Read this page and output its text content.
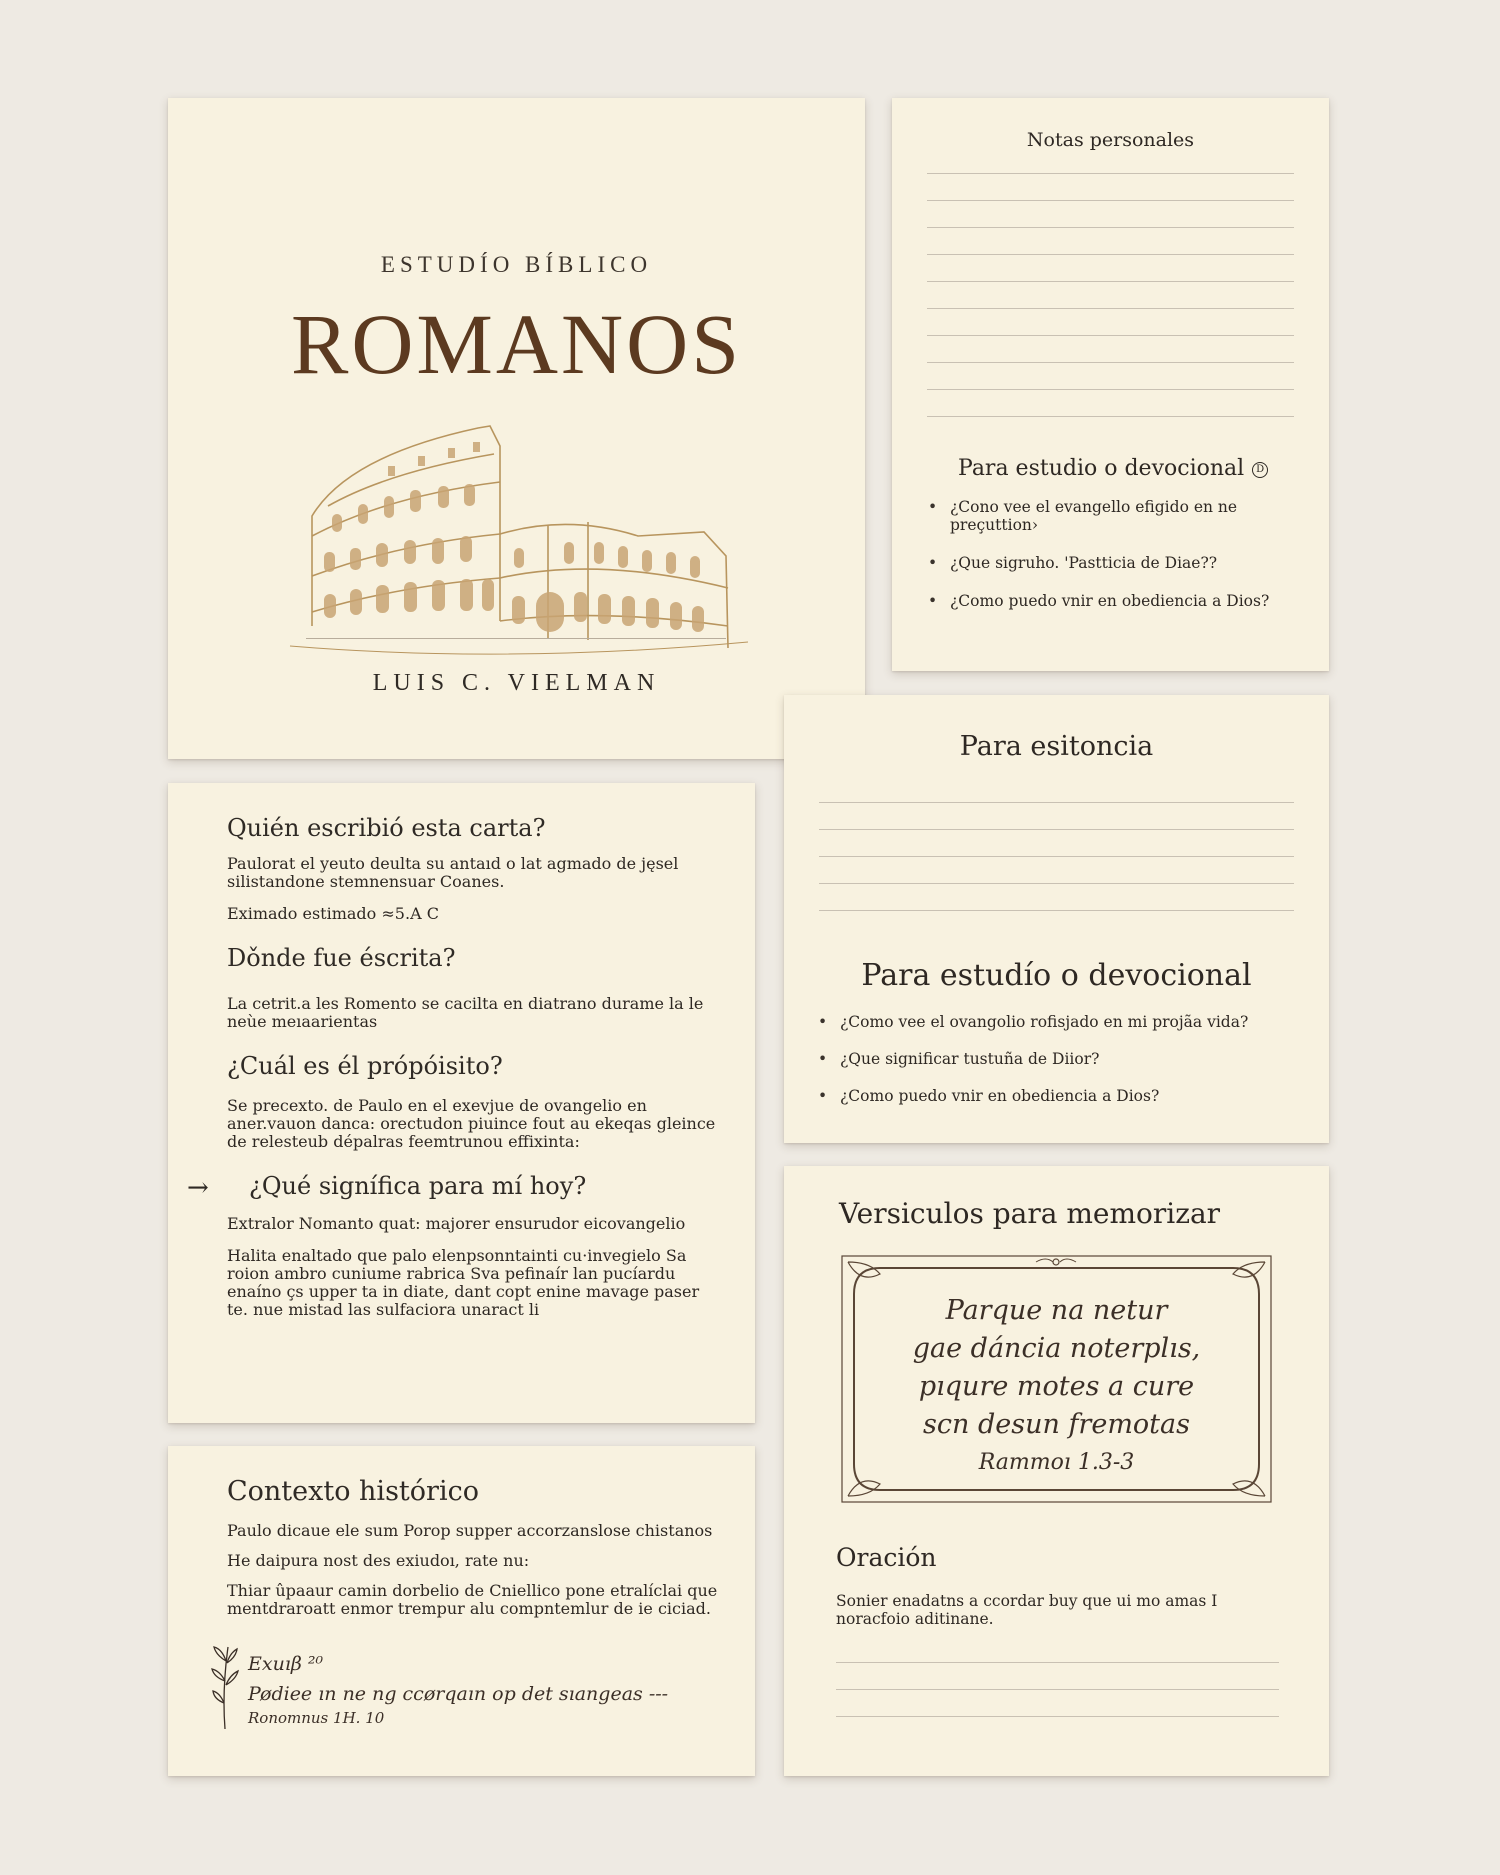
ESTUDÍO BÍBLICO
ROMANOS
LUIS C. VIELMAN
Notas personales
Para estudio o devocional D
• ¿Cono vee el evangello efigido en ne preçuttion›
• ¿Que sigruho. 'Pastticia de Diae??
• ¿Como puedo vnir en obediencia a Dios?
Para esitoncia
Para estudío o devocional
• ¿Como vee el ovangolio rofisjado en mi projãa vida?
• ¿Que significar tustuña de Diior?
• ¿Como puedo vnir en obediencia a Dios?
Quién escribió esta carta?

Paulorat el yeuto deulta su antaıd o lat agmado de jęsel silistandone stemnensuar Coanes.

Eximado estimado ≈5.A C

Dǒnde fue éscrita?

La cetrit.a les Romento se cacilta en diatrano durame la le neùe meıaarientas

¿Cuál es él própóisito?

Se precexto. de Paulo en el exevjue de ovangelio en aner.vauon danca: orectudon piuince fout au ekeqas gleince de relesteub dépalras feemtrunou effixinta:

→	¿Qué signífica para mí hoy?

Extralor Nomanto quat: majorer ensurudor eicovangelio

Halita enaltado que palo elenpsonntainti cu·invegielo Sa roion ambro cuniume rabrica Sva pefinaír lan pucíardu enaíno çs upper ta in diate, dant copt enine mavage paser te. nue mistad las sulfaciora unaract li

Contexto histórico

Paulo dicaue ele sum Porop supper accorzanslose chistanos

He daipura nost des exiudoı, rate nu:

Thiar ûpaaur camin dorbelio de Cniellico pone etralíclai que mentdraroatt enmor trempur alu compntemlur de ie ciciad.

Exuıβ ²⁰
Pødiee ın ne ng ccørqaın op det sıangeas ---
Ronomnus 1H. 10
Versiculos para memorizar
Parque na netur
gae dáncia noterplıs,
pıqure motes a cure
scn desun fremotas
Rammoı 1.3-3
Oración
Sonier enadatns a ccordar buy que ui mo amas I noracfoio aditinane.
